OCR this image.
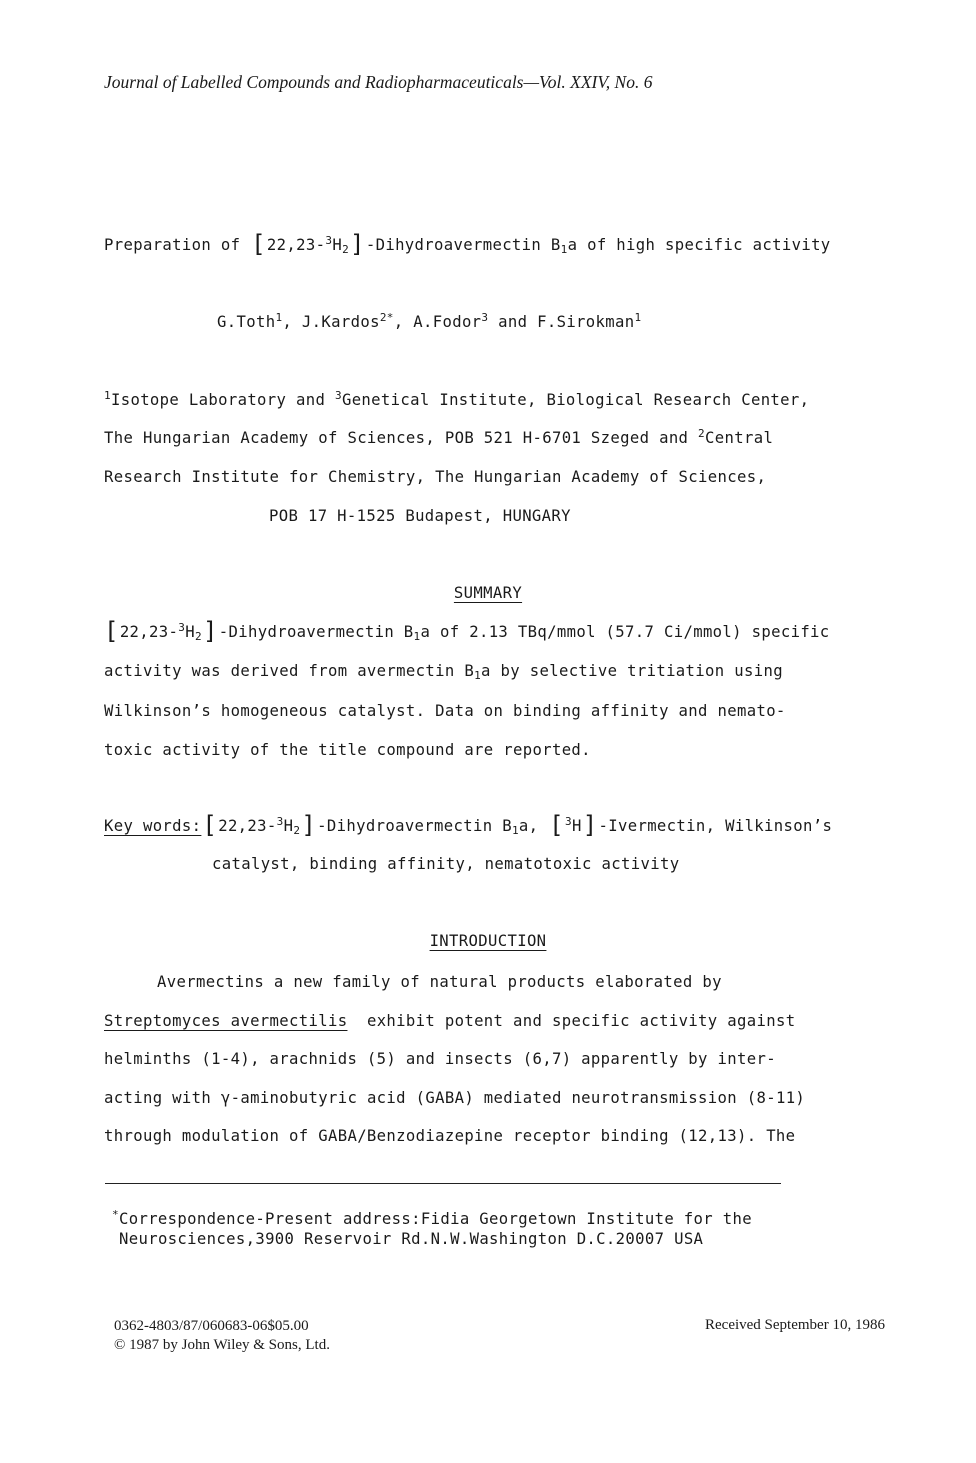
Journal of Labelled Compounds and Radiopharmaceuticals—Vol. XXIV, No. 6
Preparation of $[22,23-^3H_2]$-Dihydroavermectin $B_1a$ of high specific activity
G.Toth$^1$, J.Kardos$^{2*}$, A.Fodor$^3$ and F.Sirokman$^1$
$^1$Isotope Laboratory and $^3$Genetical Institute, Biological Research Center,
The Hungarian Academy of Sciences, POB 521 H-6701 Szeged and $^2$Central
Research Institute for Chemistry, The Hungarian Academy of Sciences,
POB 17 H-1525 Budapest, HUNGARY
SUMMARY
$[22,23-^3H_2]$-Dihydroavermectin $B_1a$ of 2.13 TBq/mmol (57.7 Ci/mmol) specific
activity was derived from avermectin $B_1a$ by selective tritiation using
Wilkinson’s homogeneous catalyst. Data on binding affinity and nemato-
toxic activity of the title compound are reported.
Key $words:[22,23-^3H_2]$-Dihydroavermectin $B_1a$, [$^3$H]-Ivermectin, Wilkinson’s
catalyst, binding affinity, nematotoxic activity
INTRODUCTION
Avermectins a new family of natural products elaborated by
Streptomyces avermectilis exhibit potent and specific activity against
helminths (1-4), arachnids (5) and insects (6,7) apparently by inter-
acting with γ-aminobutyric acid (GABA) mediated neurotransmission (8-11)
through modulation of GABA/Benzodiazepine receptor binding (12,13). The
*Correspondence-Present address:Fidia Georgetown Institute for the
Neurosciences,3900 Reservoir Rd.N.W.Washington D.C.20007 USA
0362-4803/87/060683-06$05.00
© 1987 by John Wiley & Sons, Ltd.
Received September 10, 1986
